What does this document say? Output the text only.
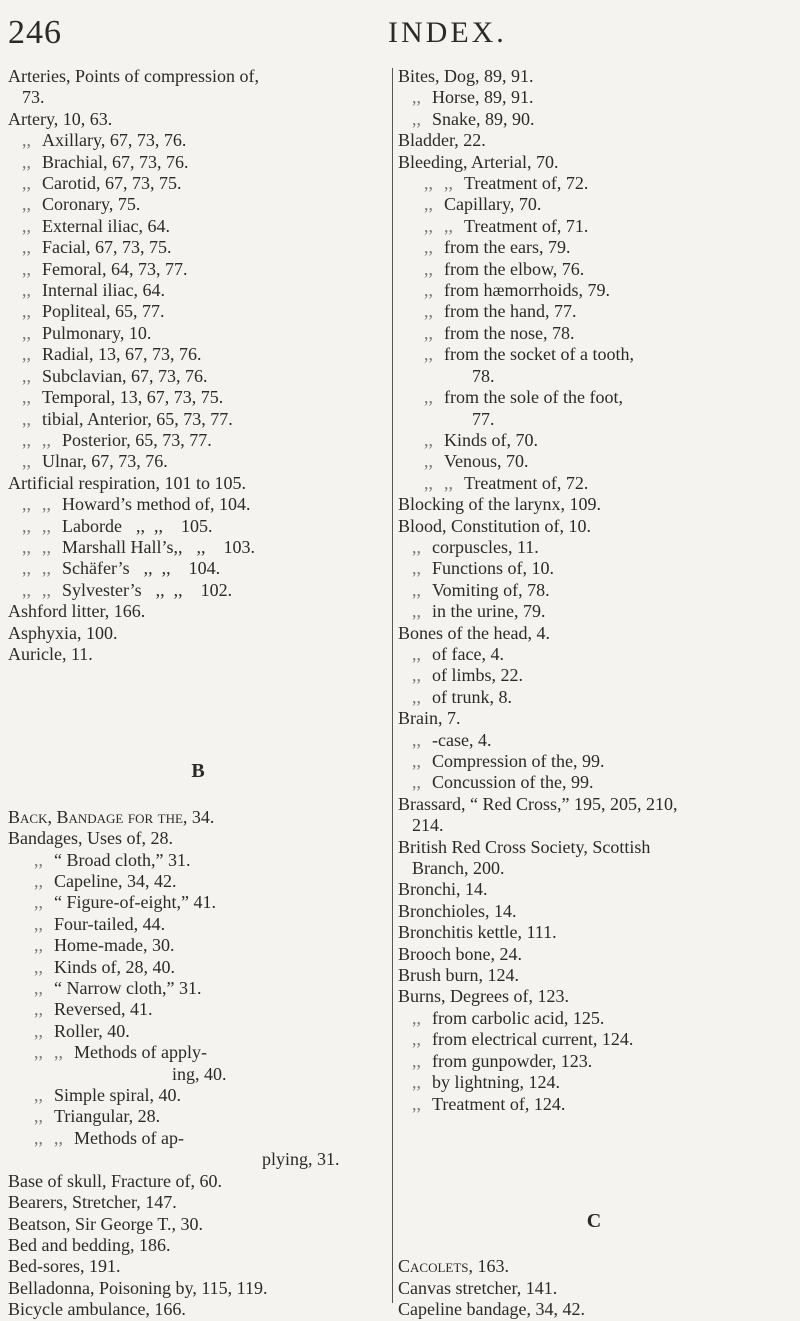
246	INDEX.
Arteries, Points of compression of,
73.
Artery, 10, 63.
,, Axillary, 67, 73, 76.
,, Brachial, 67, 73, 76.
,, Carotid, 67, 73, 75.
,, Coronary, 75.
,, External iliac, 64.
,, Facial, 67, 73, 75.
,, Femoral, 64, 73, 77.
,, Internal iliac, 64.
,, Popliteal, 65, 77.
,, Pulmonary, 10.
,, Radial, 13, 67, 73, 76.
,, Subclavian, 67, 73, 76.
,, Temporal, 13, 67, 73, 75.
,, tibial, Anterior, 65, 73, 77.
,, ,, Posterior, 65, 73, 77.
,, Ulnar, 67, 73, 76.
Artificial respiration, 101 to 105.
,, ,, Howard’s method of, 104.
,, ,, Laborde ,,  ,,    105.
,, ,, Marshall Hall’s,, ,,    103.
,, ,, Schäfer’s ,,  ,,    104.
,, ,, Sylvester’s ,,  ,,    102.
Ashford litter, 166.
Asphyxia, 100.
Auricle, 11.
B
Back, Bandage for the, 34.
Bandages, Uses of, 28.
,, “ Broad cloth,” 31.
,, Capeline, 34, 42.
,, “ Figure-of-eight,” 41.
,, Four-tailed, 44.
,, Home-made, 30.
,, Kinds of, 28, 40.
,, “ Narrow cloth,” 31.
,, Reversed, 41.
,, Roller, 40.
,, ,, Methods of apply-
ing, 40.
,, Simple spiral, 40.
,, Triangular, 28.
,, ,, Methods of ap-
plying, 31.
Base of skull, Fracture of, 60.
Bearers, Stretcher, 147.
Beatson, Sir George T., 30.
Bed and bedding, 186.
Bed-sores, 191.
Belladonna, Poisoning by, 115, 119.
Bicycle ambulance, 166.
Bites, Dog, 89, 91.
,, Horse, 89, 91.
,, Snake, 89, 90.
Bladder, 22.
Bleeding, Arterial, 70.
,, ,, Treatment of, 72.
,, Capillary, 70.
,, ,, Treatment of, 71.
,, from the ears, 79.
,, from the elbow, 76.
,, from hæmorrhoids, 79.
,, from the hand, 77.
,, from the nose, 78.
,, from the socket of a tooth,
78.
,, from the sole of the foot,
77.
,, Kinds of, 70.
,, Venous, 70.
,, ,, Treatment of, 72.
Blocking of the larynx, 109.
Blood, Constitution of, 10.
,, corpuscles, 11.
,, Functions of, 10.
,, Vomiting of, 78.
,, in the urine, 79.
Bones of the head, 4.
,, of face, 4.
,, of limbs, 22.
,, of trunk, 8.
Brain, 7.
,, -case, 4.
,, Compression of the, 99.
,, Concussion of the, 99.
Brassard, “ Red Cross,” 195, 205, 210,
214.
British Red Cross Society, Scottish
Branch, 200.
Bronchi, 14.
Bronchioles, 14.
Bronchitis kettle, 111.
Brooch bone, 24.
Brush burn, 124.
Burns, Degrees of, 123.
,, from carbolic acid, 125.
,, from electrical current, 124.
,, from gunpowder, 123.
,, by lightning, 124.
,, Treatment of, 124.
C
Cacolets, 163.
Canvas stretcher, 141.
Capeline bandage, 34, 42.
